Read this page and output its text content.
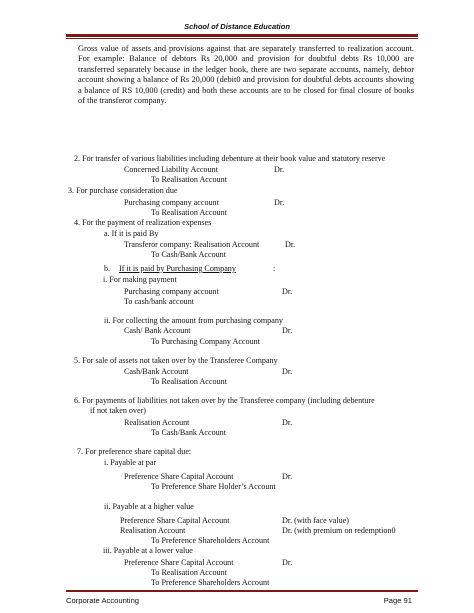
School of Distance Education
Gross value of assets and provisions against that are separately transferred to realization account. For example: Balance of debtors Rs 20,000 and provision for doubtful debts Rs 10,000 are transferred separately because in the ledger book, there are two separate accounts, namely, debtor account showing a balance of Rs 20,000 (debit0 and provision for doubtful debts accounts showing a balance of RS 10,000 (credit) and both these accounts are to be closed for final closure of books of the transferor company.
2. For transfer of various liabilities including debenture at their book value and statutory reserve
Concerned Liability Account	Dr.
To Realisation Account
3. For purchase consideration due
Purchasing company account	Dr.
To Realisation Account
4. For the payment of realization expenses
a. If it is paid By
Transferor company: Realisation Account	Dr.
To Cash/Bank Account
b. If it is paid by Purchasing Company	:
i. For making payment
Purchasing company account	Dr.
To cash/bank account
ii. For collecting the amount from purchasing company
Cash/ Bank Account	Dr.
To Purchasing Company Account
5. For sale of assets not taken over by the Transferee Company
Cash/Bank Account	Dr.
To Realisation Account
6. For payments of liabilities not taken over by the Transferee company (including debenture
if not taken over)
Realisation Account	Dr.
To Cash/Bank Account
7. For preference share capital due:
i. Payable at par
Preference Share Capital Account	Dr.
To Preference Share Holder’s Account
ii. Payable at a higher value
Preference Share Capital Account	Dr. (with face value)
Realisation Account	Dr. (with premium on redemption0
To Preference Shareholders Account
iii. Payable at a lower value
Preference Share Capital Account	Dr.
To Realisation Account
To Preference Shareholders Account
Corporate Accounting	Page 91
